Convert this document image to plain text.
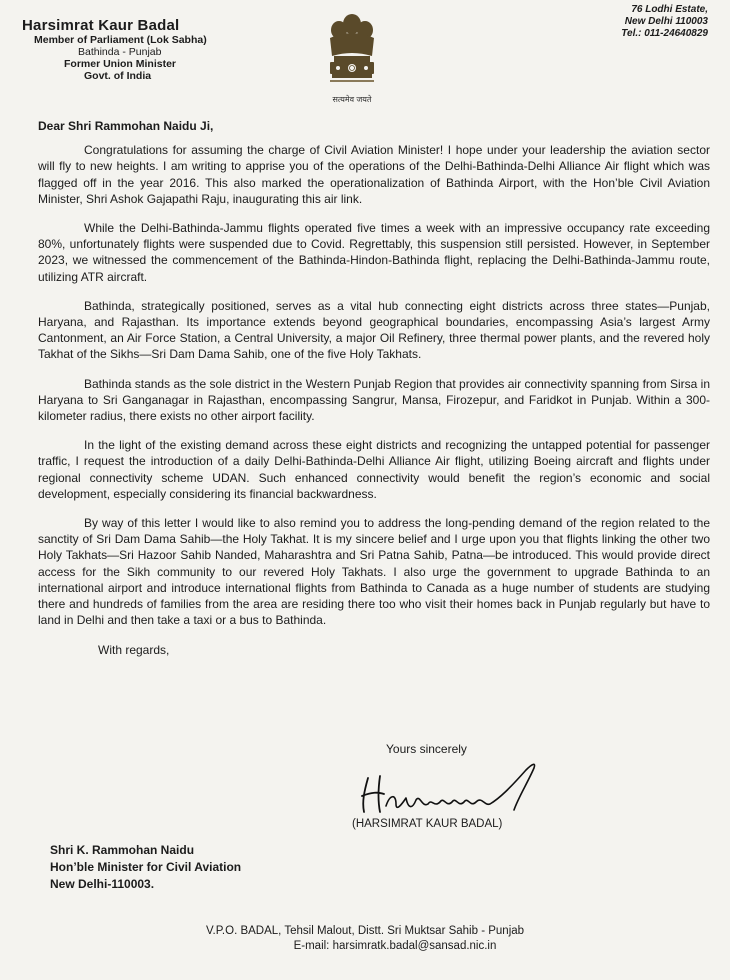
Harsimrat Kaur Badal
Member of Parliament (Lok Sabha)
Bathinda - Punjab
Former Union Minister
Govt. of India
सत्यमेव जयते
76 Lodhi Estate,
New Delhi 110003
Tel.: 011-24640829
Dear Shri Rammohan Naidu Ji,

Congratulations for assuming the charge of Civil Aviation Minister! I hope under your leadership the aviation sector will fly to new heights. I am writing to apprise you of the operations of the Delhi-Bathinda-Delhi Alliance Air flight which was flagged off in the year 2016. This also marked the operationalization of Bathinda Airport, with the Hon’ble Civil Aviation Minister, Shri Ashok Gajapathi Raju, inaugurating this air link.

While the Delhi-Bathinda-Jammu flights operated five times a week with an impressive occupancy rate exceeding 80%, unfortunately flights were suspended due to Covid. Regrettably, this suspension still persisted. However, in September 2023, we witnessed the commencement of the Bathinda-Hindon-Bathinda flight, replacing the Delhi-Bathinda-Jammu route, utilizing ATR aircraft.

Bathinda, strategically positioned, serves as a vital hub connecting eight districts across three states—Punjab, Haryana, and Rajasthan. Its importance extends beyond geographical boundaries, encompassing Asia’s largest Army Cantonment, an Air Force Station, a Central University, a major Oil Refinery, three thermal power plants, and the revered holy Takhat of the Sikhs—Sri Dam Dama Sahib, one of the five Holy Takhats.

Bathinda stands as the sole district in the Western Punjab Region that provides air connectivity spanning from Sirsa in Haryana to Sri Ganganagar in Rajasthan, encompassing Sangrur, Mansa, Firozepur, and Faridkot in Punjab. Within a 300-kilometer radius, there exists no other airport facility.

In the light of the existing demand across these eight districts and recognizing the untapped potential for passenger traffic, I request the introduction of a daily Delhi-Bathinda-Delhi Alliance Air flight, utilizing Boeing aircraft and flights under regional connectivity scheme UDAN. Such enhanced connectivity would benefit the region’s economic and social development, especially considering its financial backwardness.

By way of this letter I would like to also remind you to address the long-pending demand of the region related to the sanctity of Sri Dam Dama Sahib—the Holy Takhat. It is my sincere belief and I urge upon you that flights linking the other two Holy Takhats—Sri Hazoor Sahib Nanded, Maharashtra and Sri Patna Sahib, Patna—be introduced. This would provide direct access for the Sikh community to our revered Holy Takhats. I also urge the government to upgrade Bathinda to an international airport and introduce international flights from Bathinda to Canada as a huge number of students are studying there and hundreds of families from the area are residing there too who visit their homes back in Punjab regularly but have to land in Delhi and then take a taxi or a bus to Bathinda.

With regards,
Yours sincerely
(HARSIMRAT KAUR BADAL)
Shri K. Rammohan Naidu
Hon’ble Minister for Civil Aviation
New Delhi-110003.
V.P.O. BADAL, Tehsil Malout, Distt. Sri Muktsar Sahib - Punjab
E-mail: harsimratk.badal@sansad.nic.in
